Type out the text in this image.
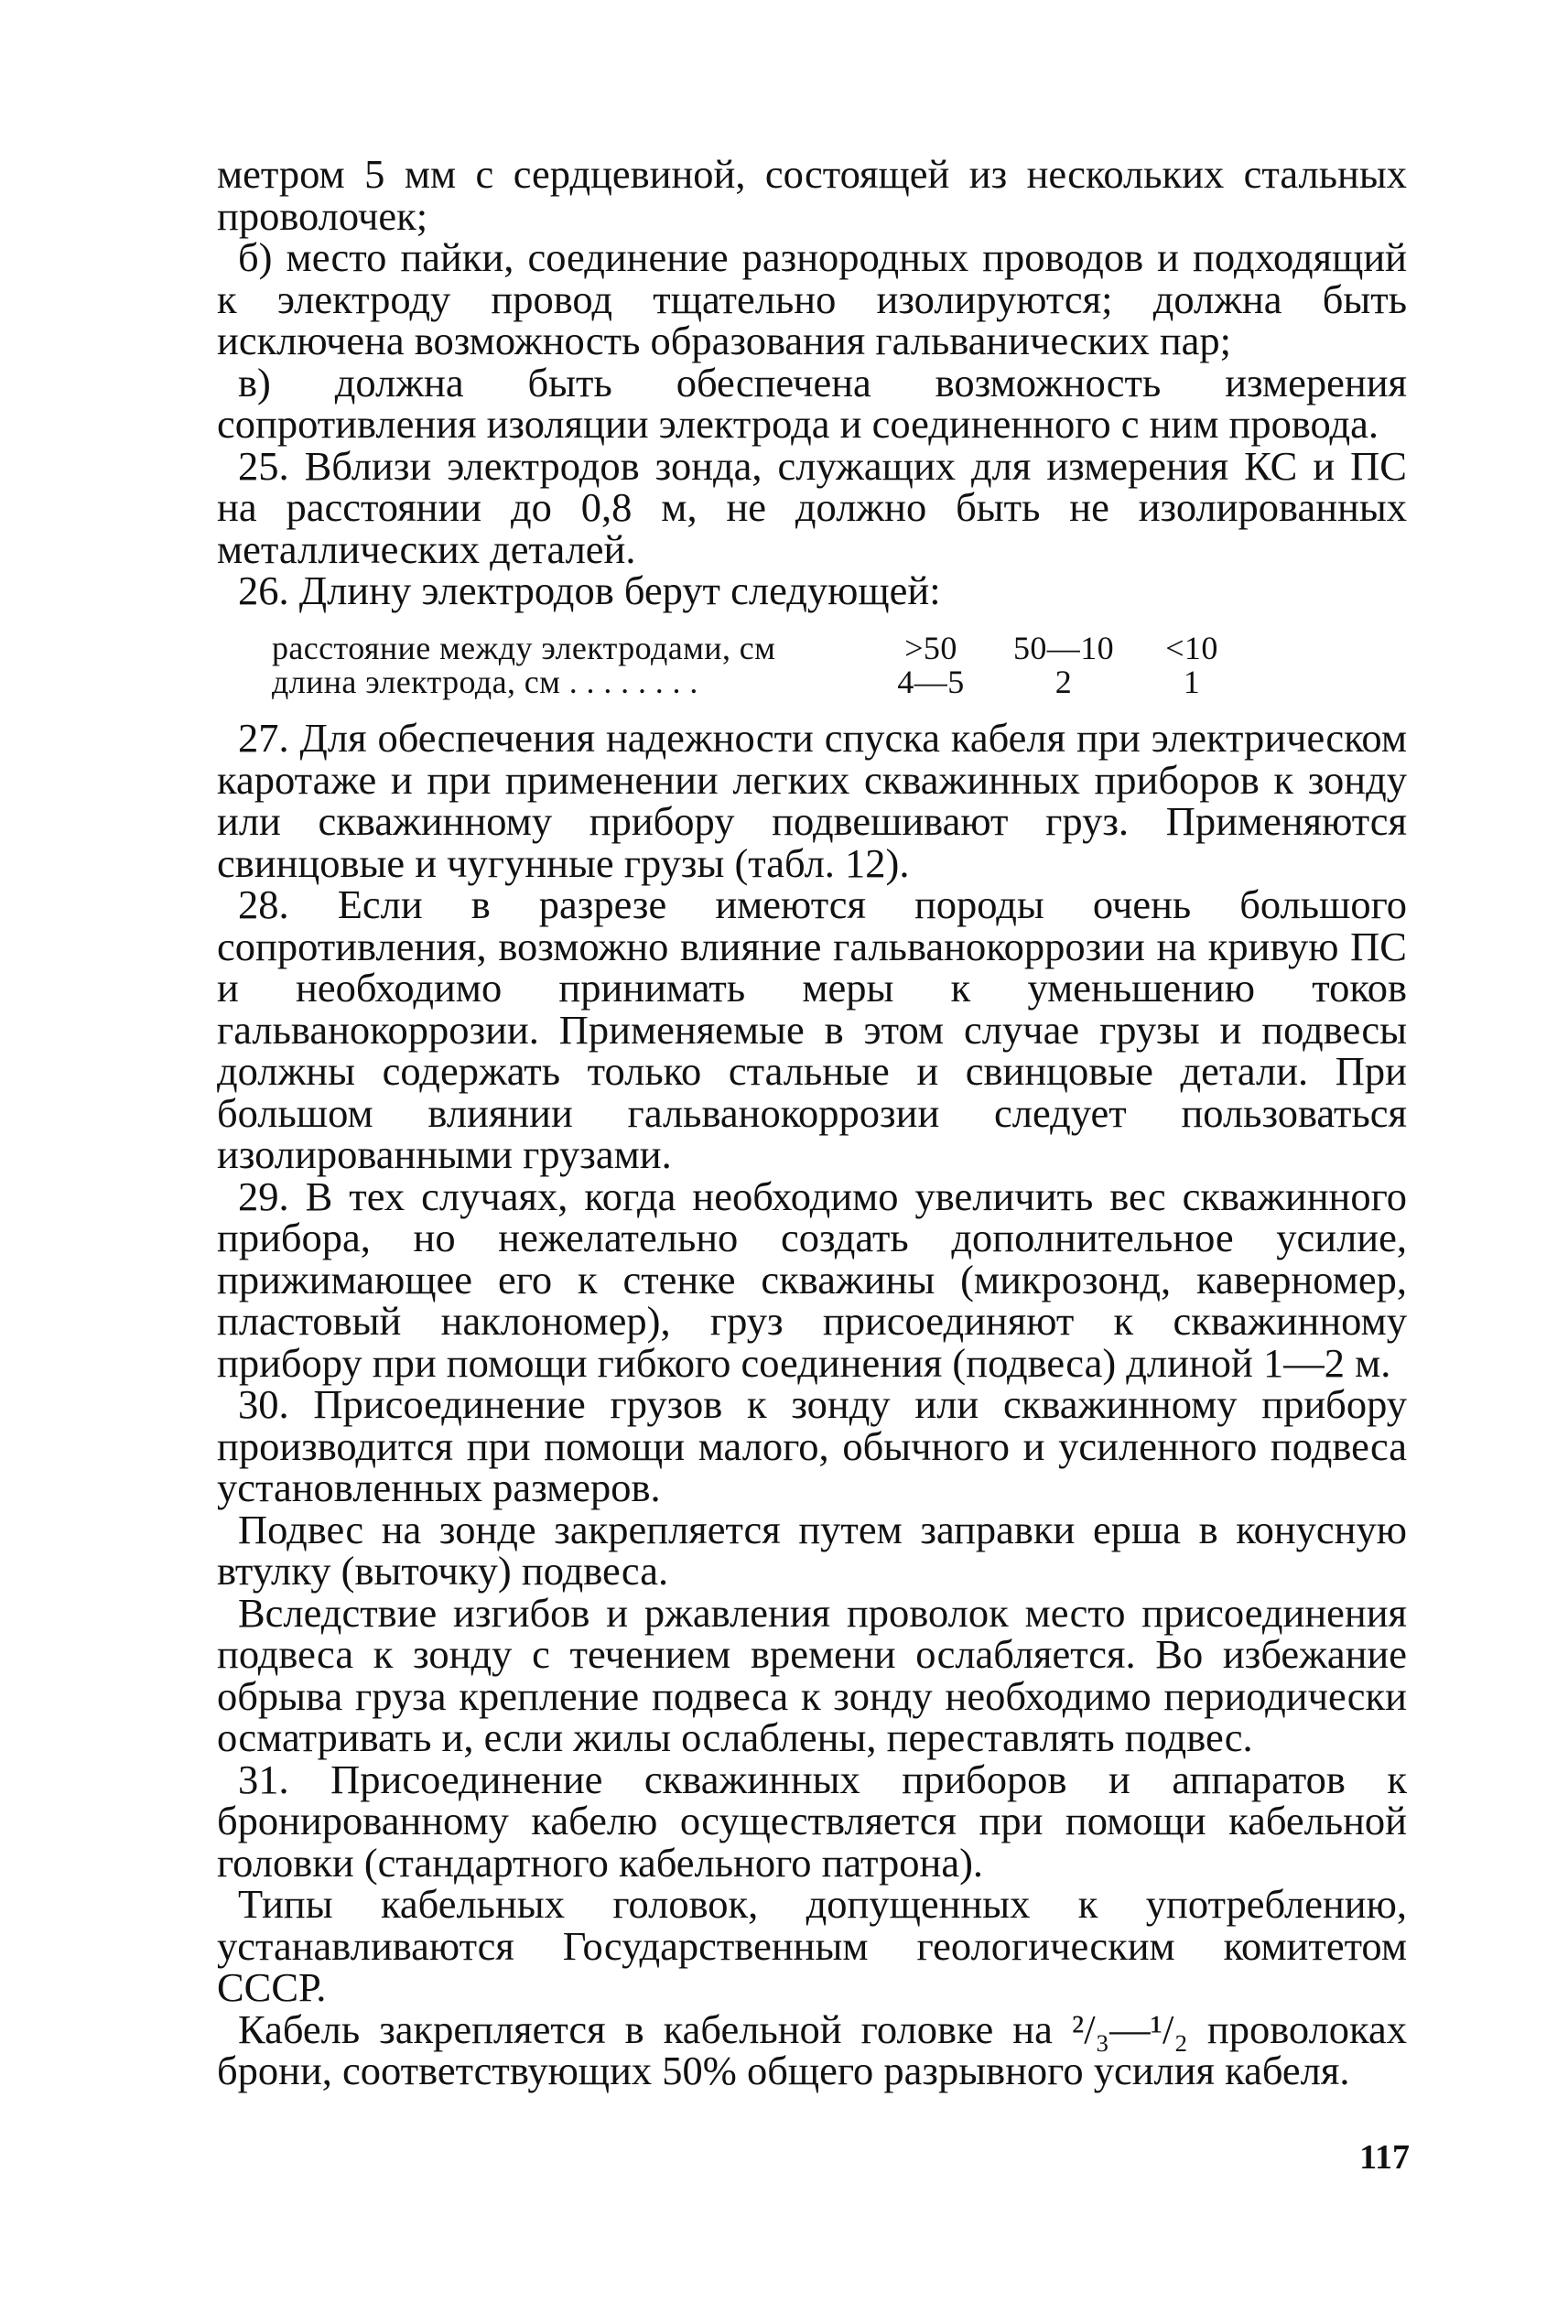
метром 5 мм с сердцевиной, состоящей из нескольких стальных проволочек;

б) место пайки, соединение разнородных проводов и подходящий к электроду провод тщательно изолируются; должна быть исключена возможность образования гальванических пар;

в) должна быть обеспечена возможность измерения сопротивления изоляции электрода и соединенного с ним провода.

25. Вблизи электродов зонда, служащих для измерения КС и ПС на расстоянии до 0,8 м, не должно быть не изолированных металлических деталей.

26. Длину электродов берут следующей:

расстояние между электродами, см	>50	50—10	<10
длина электрода, см . . . . . . . .	4—5	2	1

27. Для обеспечения надежности спуска кабеля при электрическом каротаже и при применении легких скважинных приборов к зонду или скважинному прибору подвешивают груз. Применяются свинцовые и чугунные грузы (табл. 12).

28. Если в разрезе имеются породы очень большого сопротивления, возможно влияние гальванокоррозии на кривую ПС и необходимо принимать меры к уменьшению токов гальванокоррозии. Применяемые в этом случае грузы и подвесы должны содержать только стальные и свинцовые детали. При большом влиянии гальванокоррозии следует пользоваться изолированными грузами.

29. В тех случаях, когда необходимо увеличить вес скважинного прибора, но нежелательно создать дополнительное усилие, прижимающее его к стенке скважины (микрозонд, каверномер, пластовый наклономер), груз присоединяют к скважинному прибору при помощи гибкого соединения (подвеса) длиной 1—2 м.

30. Присоединение грузов к зонду или скважинному прибору производится при помощи малого, обычного и усиленного подвеса установленных размеров.

Подвес на зонде закрепляется путем заправки ерша в конусную втулку (выточку) подвеса.

Вследствие изгибов и ржавления проволок место присоединения подвеса к зонду с течением времени ослабляется. Во избежание обрыва груза крепление подвеса к зонду необходимо периодически осматривать и, если жилы ослаблены, переставлять подвес.

31. Присоединение скважинных приборов и аппаратов к бронированному кабелю осуществляется при помощи кабельной головки (стандартного кабельного патрона).

Типы кабельных головок, допущенных к употреблению, устанавливаются Государственным геологическим комитетом СССР.

Кабель закрепляется в кабельной головке на ²/₃—¹/₂ проволоках брони, соответствующих 50% общего разрывного усилия кабеля.

117
